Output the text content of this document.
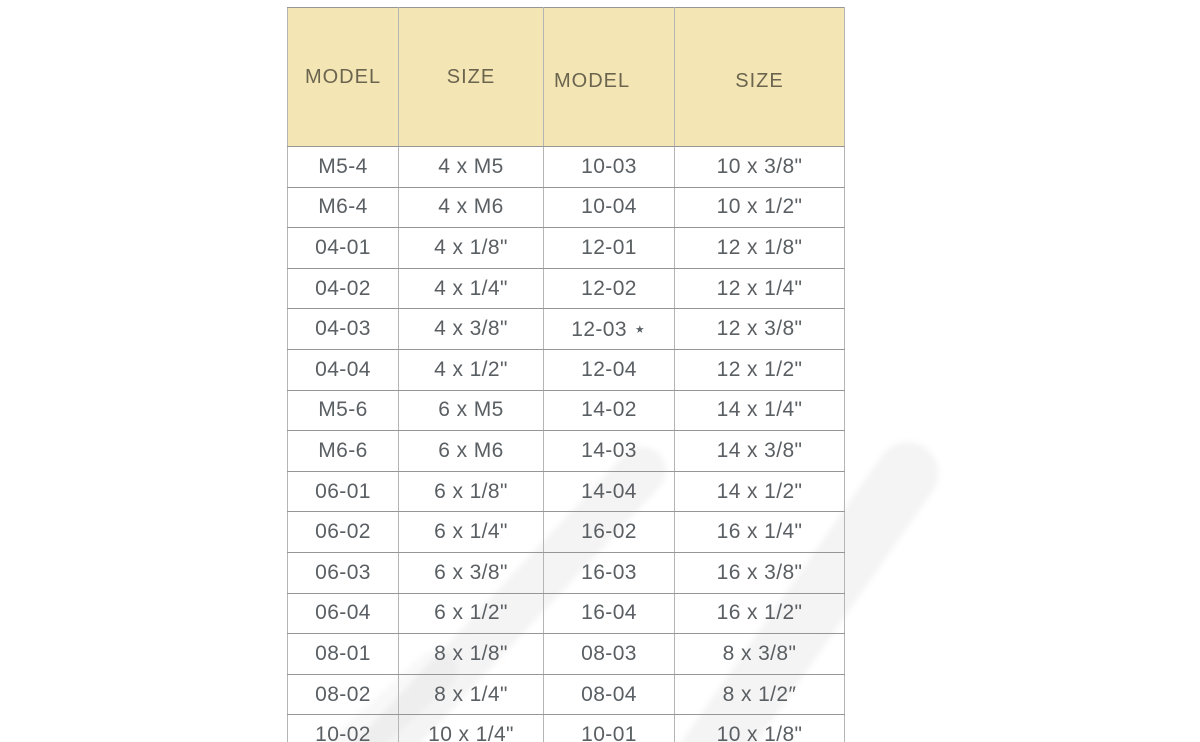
MODEL	SIZE	MODEL	SIZE
M5-4	4 x M5	10-03	10 x 3/8"
M6-4	4 x M6	10-04	10 x 1/2"
04-01	4 x 1/8"	12-01	12 x 1/8"
04-02	4 x 1/4"	12-02	12 x 1/4"
04-03	4 x 3/8"	12-03 ⋆	12 x 3/8"
04-04	4 x 1/2"	12-04	12 x 1/2"
M5-6	6 x M5	14-02	14 x 1/4"
M6-6	6 x M6	14-03	14 x 3/8"
06-01	6 x 1/8"	14-04	14 x 1/2"
06-02	6 x 1/4"	16-02	16 x 1/4"
06-03	6 x 3/8"	16-03	16 x 3/8"
06-04	6 x 1/2"	16-04	16 x 1/2"
08-01	8 x 1/8"	08-03	8 x 3/8"
08-02	8 x 1/4"	08-04	8 x 1/2″
10-02	10 x 1/4"	10-01	10 x 1/8"
